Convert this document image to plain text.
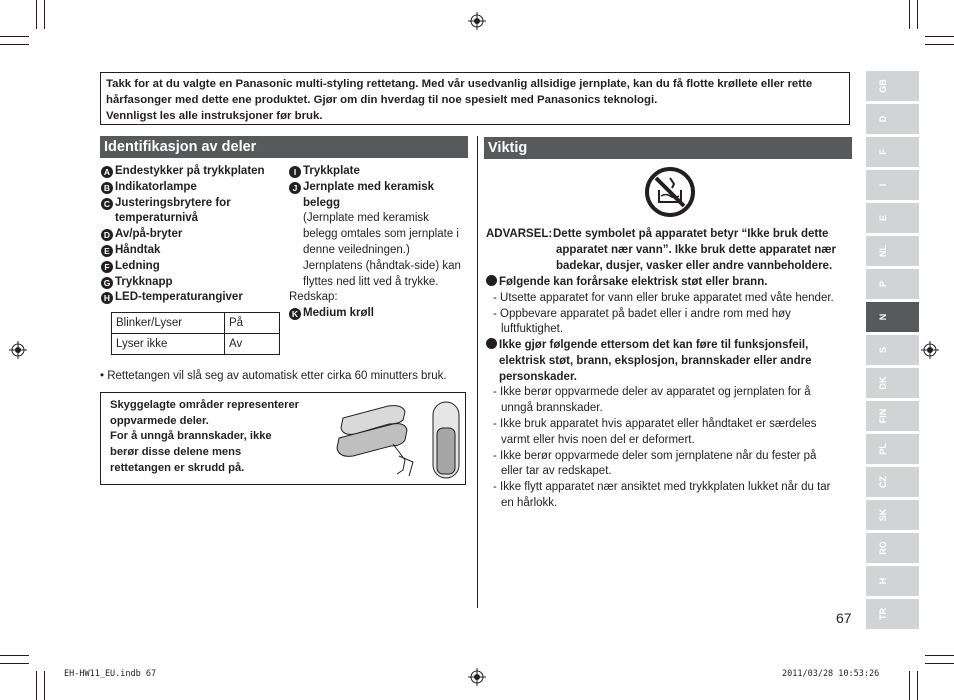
Takk for at du valgte en Panasonic multi-styling rettetang. Med vår usedvanlig allsidige jernplate, kan du få flotte krøllete eller rette
hårfasonger med dette ene produktet. Gjør om din hverdag til noe spesielt med Panasonics teknologi.
Vennligst les alle instruksjoner før bruk.
Identifikasjon av deler
A Endestykker på trykkplaten
B Indikatorlampe
C Justeringsbrytere for
temperaturnivå
D Av/på-bryter
E Håndtak
F Ledning
G Trykknapp
H LED-temperaturangiver
I Trykkplate
J Jernplate med keramisk
belegg
(Jernplate med keramisk
belegg omtales som jernplate i
denne veiledningen.)
Jernplatens (håndtak-side) kan
flyttes ned litt ved å trykke.
Redskap:
K Medium krøll
Blinker/Lyser	På
Lyser ikke	Av
• Rettetangen vil slå seg av automatisk etter cirka 60 minutters bruk.
Skyggelagte områder representerer
oppvarmede deler.
For å unngå brannskader, ikke
berør disse delene mens
rettetangen er skrudd på.
Viktig
ADVARSEL: Dette symbolet på apparatet betyr “Ikke bruk dette
apparatet nær vann”. Ikke bruk dette apparatet nær
badekar, dusjer, vasker eller andre vannbeholdere.
Følgende kan forårsake elektrisk støt eller brann.
- Utsette apparatet for vann eller bruke apparatet med våte hender.
- Oppbevare apparatet på badet eller i andre rom med høy
luftfuktighet.
Ikke gjør følgende ettersom det kan føre til funksjonsfeil,
elektrisk støt, brann, eksplosjon, brannskader eller andre
personskader.
- Ikke berør oppvarmede deler av apparatet og jernplaten for å
unngå brannskader.
- Ikke bruk apparatet hvis apparatet eller håndtaket er særdeles
varmt eller hvis noen del er deformert.
- Ikke berør oppvarmede deler som jernplatene når du fester på
eller tar av redskapet.
- Ikke flytt apparatet nær ansiktet med trykkplaten lukket når du tar
en hårlokk.
GB
D
F
I
E
NL
P
N
S
DK
FIN
PL
CZ
SK
RO
H
TR
67
EH-HW11_EU.indb 67	2011/03/28 10:53:26
